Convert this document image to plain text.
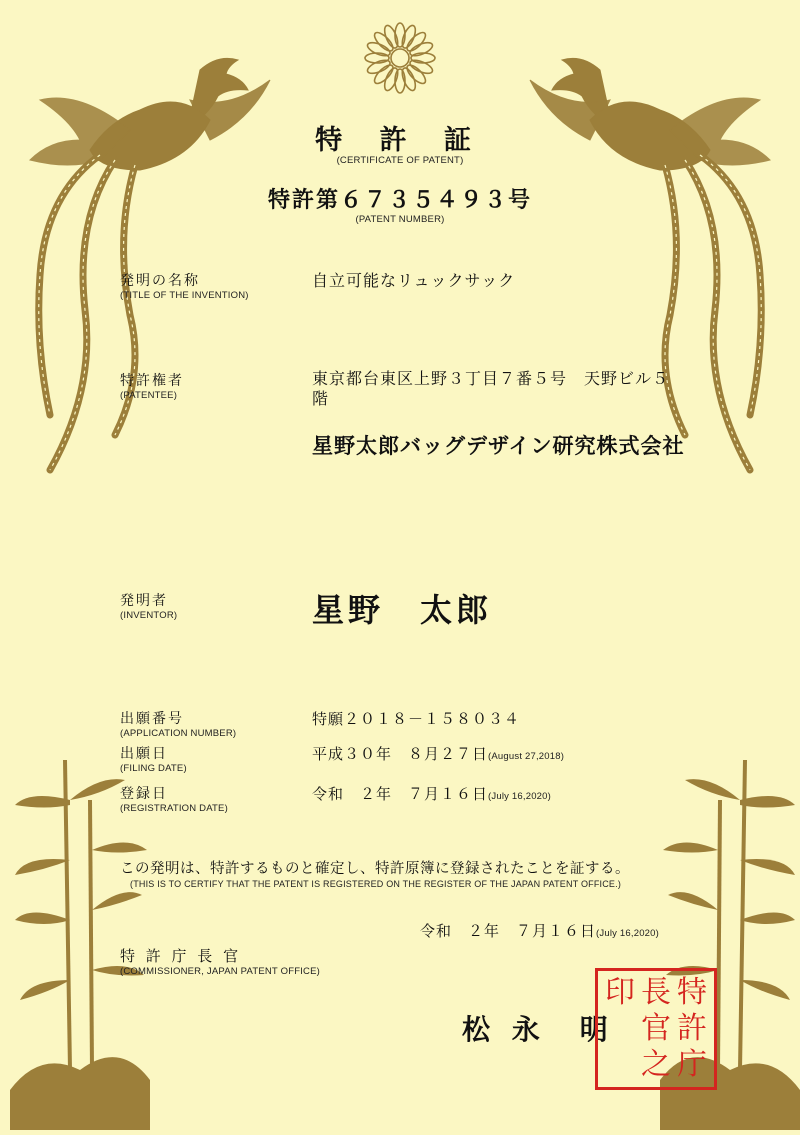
特 許 証
(CERTIFICATE OF PATENT)
特許第６７３５４９３号
(PATENT NUMBER)
発明の名称
(TITLE OF THE INVENTION)
自立可能なリュックサック
特許権者
(PATENTEE)
東京都台東区上野３丁目７番５号　天野ビル５
階
星野太郎バッグデザイン研究株式会社
発明者
(INVENTOR)	星野　太郎
出願番号
(APPLICATION NUMBER)
特願２０１８－１５８０３４
出願日
(FILING DATE)
平成３０年　８月２７日(August 27,2018)
登録日
(REGISTRATION DATE)
令和　２年　７月１６日(July 16,2020)
この発明は、特許するものと確定し、特許原簿に登録されたことを証する。
(THIS IS TO CERTIFY THAT THE PATENT IS REGISTERED ON THE REGISTER OF THE JAPAN PATENT OFFICE.)
令和　２年　７月１６日(July 16,2020)
特 許 庁 長 官
(COMMISSIONER, JAPAN PATENT OFFICE)
松 永　明
印 長 特
官 許
之 庁
